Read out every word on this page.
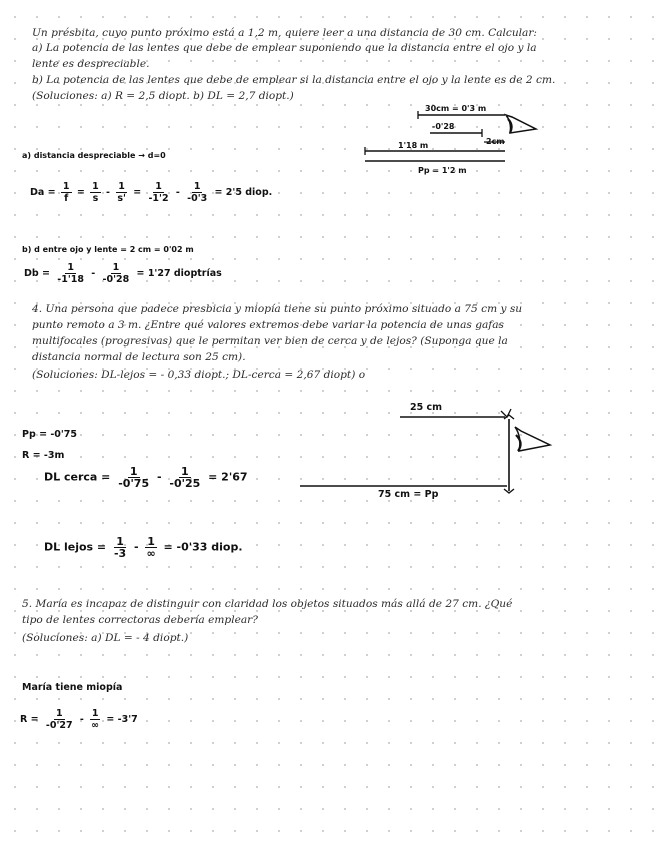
Un présbita, cuyo punto próximo está a 1,2 m, quiere leer a una distancia de 30 cm. Calcular:

a) La potencia de las lentes que debe de emplear suponiendo que la distancia entre el ojo y la

lente es despreciable.

b) La potencia de las lentes que debe de emplear si la distancia entre el ojo y la lente es de 2 cm.

(Soluciones: a) R = 2,5 diopt. b) DL = 2,7 diopt.)

30cm = 0'3 m
-0'28
2cm
1'18 m
Pp = 1'2 m
a) distancia despreciable → d=0
$Da = \frac{1}{f} = \frac{1}{s} - \frac{1}{s'} = \frac{1}{-1'2} - \frac{1}{-0'3} = 2'5$ diop.
b) d entre ojo y lente = 2 cm = 0'02 m
$Db = \frac{1}{-1'18} - \frac{1}{-0'28} = 1'27$ dioptrías

4. Una persona que padece presbicia y miopía tiene su punto próximo situado a 75 cm y su

punto remoto a 3 m. ¿Entre qué valores extremos debe variar la potencia de unas gafas

multifocales (progresivas) que le permitan ver bien de cerca y de lejos? (Suponga que la

distancia normal de lectura son 25 cm).

(Soluciones: DL-lejos = - 0,33 diopt.; DL-cerca = 2,67 diopt) o

Pp = -0'75
R = -3m
25 cm
75 cm = Pp
DL cerca = $\frac{1}{-0'75} - \frac{1}{-0'25} = 2'67$
DL lejos = $\frac{1}{-3} - \frac{1}{\infty} = -0'33$ diop.

5. María es incapaz de distinguir con claridad los objetos situados más allá de 27 cm. ¿Qué

tipo de lentes correctoras debería emplear?

(Soluciones: a) DL = - 4 diopt.)

María tiene miopía
$R = \frac{1}{-0'27} - \frac{1}{\infty} = -3'7$
